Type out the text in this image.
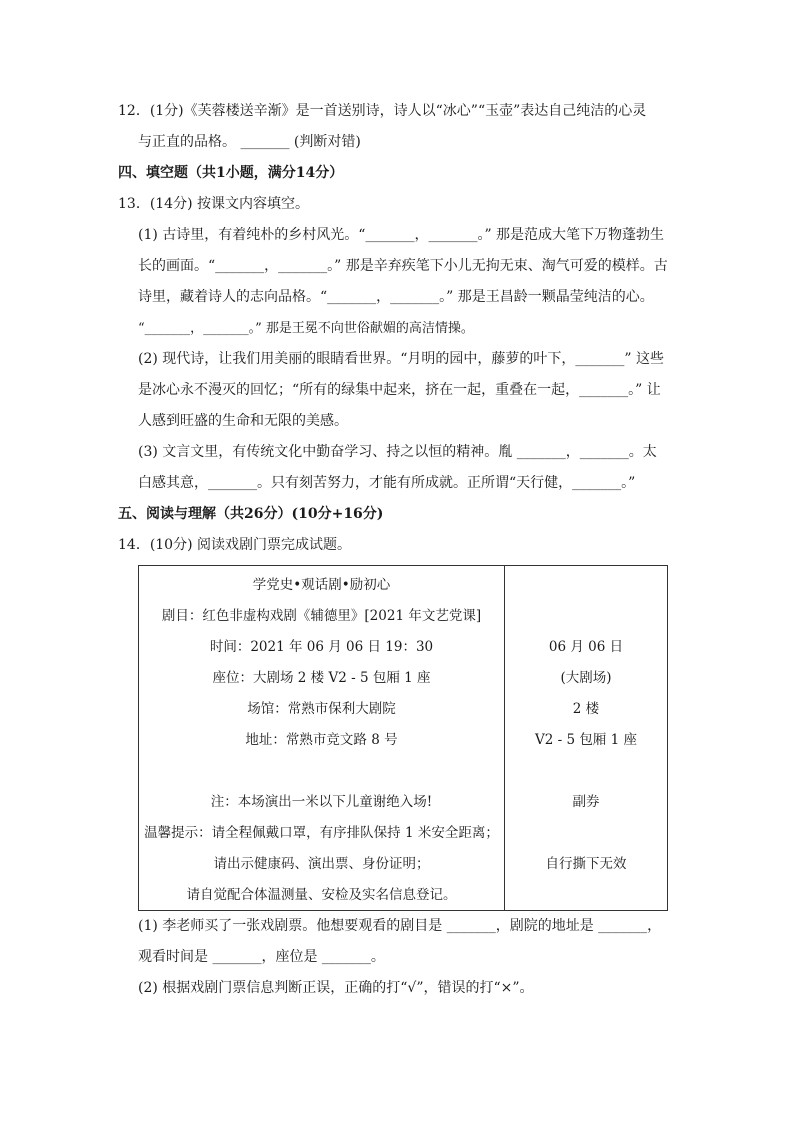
12．(1分)《芙蓉楼送辛渐》是一首送别诗，诗人以“冰心”“玉壶”表达自己纯洁的心灵
与正直的品格。 _______ (判断对错)
四、填空题（共1小题，满分14分）
13．(14分) 按课文内容填空。
(1) 古诗里，有着纯朴的乡村风光。“_______，_______。” 那是范成大笔下万物蓬勃生
长的画面。“_______，_______。” 那是辛弃疾笔下小儿无拘无束、淘气可爱的模样。古
诗里，藏着诗人的志向品格。“_______，_______。” 那是王昌龄一颗晶莹纯洁的心。
“_______，_______。” 那是王冕不向世俗献媚的高洁情操。
(2) 现代诗，让我们用美丽的眼睛看世界。“月明的园中，藤萝的叶下，_______” 这些
是冰心永不漫灭的回忆；“所有的绿集中起来，挤在一起，重叠在一起，_______。” 让
人感到旺盛的生命和无限的美感。
(3) 文言文里，有传统文化中勤奋学习、持之以恒的精神。胤 _______，_______。太
白感其意，_______。只有刻苦努力，才能有所成就。正所谓“天行健，_______。”
五、阅读与理解（共26分）(10分+16分)
14．(10分) 阅读戏剧门票完成试题。
学党史•观话剧•励初心
剧目：红色非虚构戏剧《辅德里》[2021 年文艺党课]
时间：2021 年 06 月 06 日 19：30
座位：大剧场 2 楼 V2 - 5 包厢 1 座
场馆：常熟市保利大剧院
地址：常熟市竞文路 8 号
注：本场演出一米以下儿童谢绝入场!
温馨提示：请全程佩戴口罩，有序排队保持 1 米安全距离；
请出示健康码、演出票、身份证明；
请自觉配合体温测量、安检及实名信息登记。
06 月 06 日
(大剧场)
2 楼
V2 - 5 包厢 1 座
副券
自行撕下无效
(1) 李老师买了一张戏剧票。他想要观看的剧目是 _______，剧院的地址是 _______，
观看时间是 _______，座位是 _______。
(2) 根据戏剧门票信息判断正误，正确的打“√”，错误的打“×”。
